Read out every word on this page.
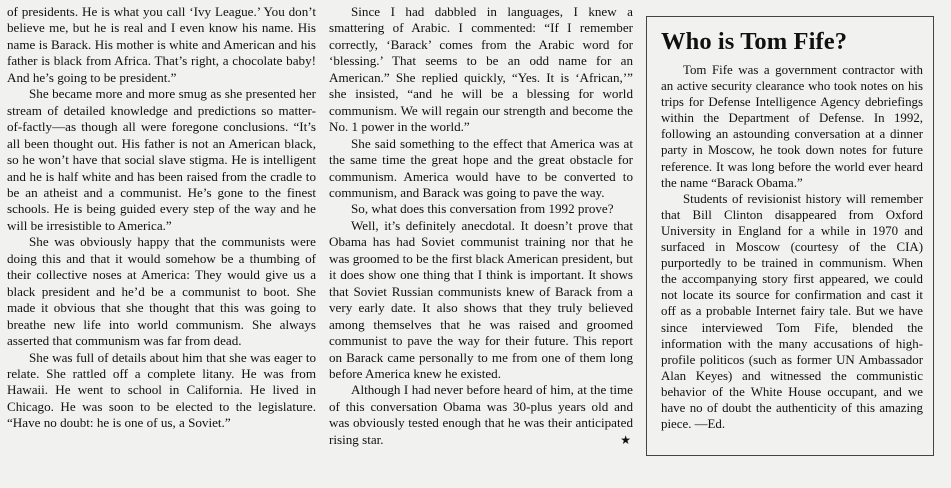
of presidents. He is what you call ‘Ivy League.’ You don’t believe me, but he is real and I even know his name. His name is Barack. His mother is white and American and his father is black from Africa. That’s right, a chocolate baby! And he’s going to be president.”

She became more and more smug as she presented her stream of detailed knowledge and predictions so matter-of-factly—as though all were foregone conclusions. “It’s all been thought out. His father is not an American black, so he won’t have that social slave stigma. He is intelligent and he is half white and has been raised from the cradle to be an atheist and a communist. He’s gone to the finest schools. He is being guided every step of the way and he will be irresistible to America.”

She was obviously happy that the communists were doing this and that it would somehow be a thumbing of their collective noses at America: They would give us a black president and he’d be a communist to boot. She made it obvious that she thought that this was going to breathe new life into world communism. She always asserted that communism was far from dead.

She was full of details about him that she was eager to relate. She rattled off a complete litany. He was from Hawaii. He went to school in California. He lived in Chicago. He was soon to be elected to the legislature. “Have no doubt: he is one of us, a Soviet.”

Since I had dabbled in languages, I knew a smattering of Arabic. I commented: “If I remember correctly, ‘Barack’ comes from the Arabic word for ‘blessing.’ That seems to be an odd name for an American.” She replied quickly, “Yes. It is ‘African,’” she insisted, “and he will be a blessing for world communism. We will regain our strength and become the No. 1 power in the world.”

She said something to the effect that America was at the same time the great hope and the great obstacle for communism. America would have to be converted to communism, and Barack was going to pave the way.

So, what does this conversation from 1992 prove?

Well, it’s definitely anecdotal. It doesn’t prove that Obama has had Soviet communist training nor that he was groomed to be the first black American president, but it does show one thing that I think is important. It shows that Soviet Russian communists knew of Barack from a very early date. It also shows that they truly believed among themselves that he was raised and groomed communist to pave the way for their future. This report on Barack came personally to me from one of them long before America knew he existed.

Although I had never before heard of him, at the time of this conversation Obama was 30-plus years old and was obviously tested enough that he was their anticipated rising star.	★

Who is Tom Fife?

Tom Fife was a government contractor with an active security clearance who took notes on his trips for Defense Intelligence Agency debriefings within the Department of Defense. In 1992, following an astounding conversation at a dinner party in Moscow, he took down notes for future reference. It was long before the world ever heard the name “Barack Obama.”

Students of revisionist history will remember that Bill Clinton disappeared from Oxford University in England for a while in 1970 and surfaced in Moscow (courtesy of the CIA) purportedly to be trained in communism. When the accompanying story first appeared, we could not locate its source for confirmation and cast it off as a probable Internet fairy tale. But we have since interviewed Tom Fife, blended the information with the many accusations of high-profile politicos (such as former UN Ambassador Alan Keyes) and witnessed the communistic behavior of the White House occupant, and we have no of doubt the authenticity of this amazing piece. —Ed.
